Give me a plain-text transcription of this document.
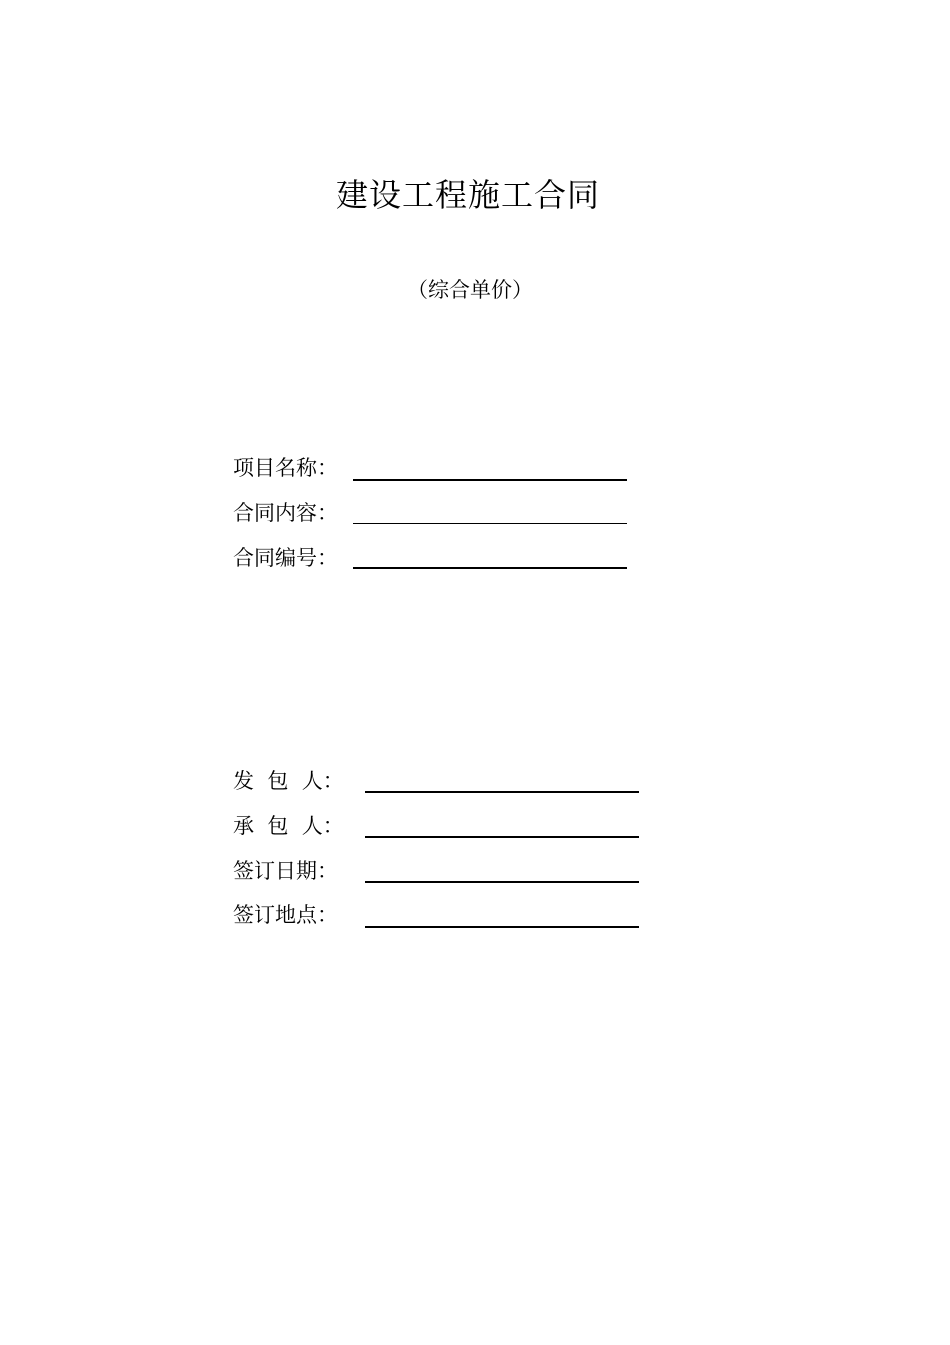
建设工程施工合同
（综合单价）
项目名称：
合同内容：
合同编号：
发  包  人：
承  包  人：
签订日期：
签订地点：
